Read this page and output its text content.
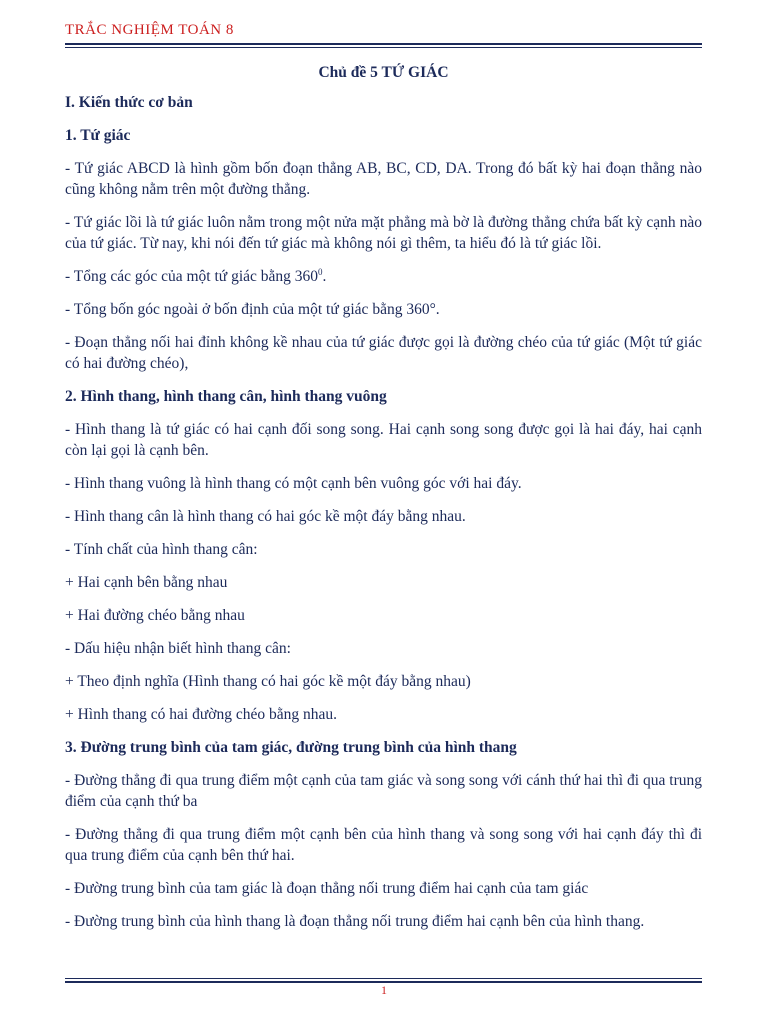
TRẮC NGHIỆM TOÁN 8
Chủ đề 5 TỨ GIÁC
I. Kiến thức cơ bản
1. Tứ giác

- Tứ giác ABCD là hình gồm bốn đoạn thẳng AB, BC, CD, DA. Trong đó bất kỳ hai đoạn thẳng nào cũng không nằm trên một đường thẳng.

- Tứ giác lồi là tứ giác luôn nằm trong một nửa mặt phẳng mà bờ là đường thẳng chứa bất kỳ cạnh nào của tứ giác. Từ nay, khi nói đến tứ giác mà không nói gì thêm, ta hiểu đó là tứ giác lồi.

- Tổng các góc của một tứ giác bằng $360^0$.

- Tổng bốn góc ngoài ở bốn định của một tứ giác bằng 360°.

- Đoạn thẳng nối hai đỉnh không kề nhau của tứ giác được gọi là đường chéo của tứ giác (Một tứ giác có hai đường chéo),

2. Hình thang, hình thang cân, hình thang vuông

- Hình thang là tứ giác có hai cạnh đối song song. Hai cạnh song song được gọi là hai đáy, hai cạnh còn lại gọi là cạnh bên.

- Hình thang vuông là hình thang có một cạnh bên vuông góc với hai đáy.

- Hình thang cân là hình thang có hai góc kề một đáy bằng nhau.

- Tính chất của hình thang cân:

+ Hai cạnh bên bằng nhau

+ Hai đường chéo bằng nhau

- Dấu hiệu nhận biết hình thang cân:

+ Theo định nghĩa (Hình thang có hai góc kề một đáy bằng nhau)

+ Hình thang có hai đường chéo bằng nhau.

3. Đường trung bình của tam giác, đường trung bình của hình thang

- Đường thẳng đi qua trung điểm một cạnh của tam giác và song song với cánh thứ hai thì đi qua trung điểm của cạnh thứ ba

- Đường thẳng đi qua trung điểm một cạnh bên của hình thang và song song với hai cạnh đáy thì đi qua trung điểm của cạnh bên thứ hai.

- Đường trung bình của tam giác là đoạn thẳng nối trung điểm hai cạnh của tam giác

- Đường trung bình của hình thang là đoạn thẳng nối trung điểm hai cạnh bên của hình thang.

1
